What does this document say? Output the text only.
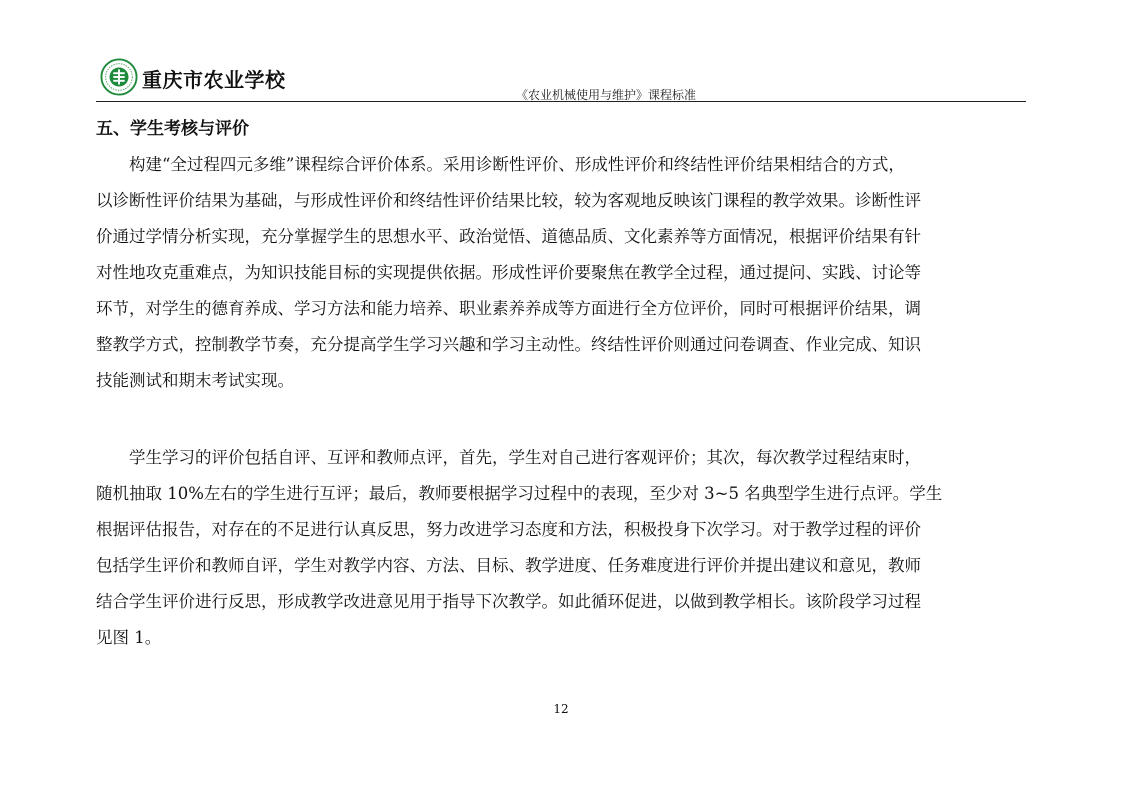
重庆市农业学校
《农业机械使用与维护》课程标准
五、学生考核与评价
构建“全过程四元多维”课程综合评价体系。采用诊断性评价、形成性评价和终结性评价结果相结合的方式，
以诊断性评价结果为基础，与形成性评价和终结性评价结果比较，较为客观地反映该门课程的教学效果。诊断性评
价通过学情分析实现，充分掌握学生的思想水平、政治觉悟、道德品质、文化素养等方面情况，根据评价结果有针
对性地攻克重难点，为知识技能目标的实现提供依据。形成性评价要聚焦在教学全过程，通过提问、实践、讨论等
环节，对学生的德育养成、学习方法和能力培养、职业素养养成等方面进行全方位评价，同时可根据评价结果，调
整教学方式，控制教学节奏，充分提高学生学习兴趣和学习主动性。终结性评价则通过问卷调查、作业完成、知识
技能测试和期末考试实现。
学生学习的评价包括自评、互评和教师点评，首先，学生对自己进行客观评价；其次，每次教学过程结束时，
随机抽取 10%左右的学生进行互评；最后，教师要根据学习过程中的表现，至少对 3~5 名典型学生进行点评。学生
根据评估报告，对存在的不足进行认真反思，努力改进学习态度和方法，积极投身下次学习。对于教学过程的评价
包括学生评价和教师自评，学生对教学内容、方法、目标、教学进度、任务难度进行评价并提出建议和意见，教师
结合学生评价进行反思，形成教学改进意见用于指导下次教学。如此循环促进，以做到教学相长。该阶段学习过程
见图 1。
12
